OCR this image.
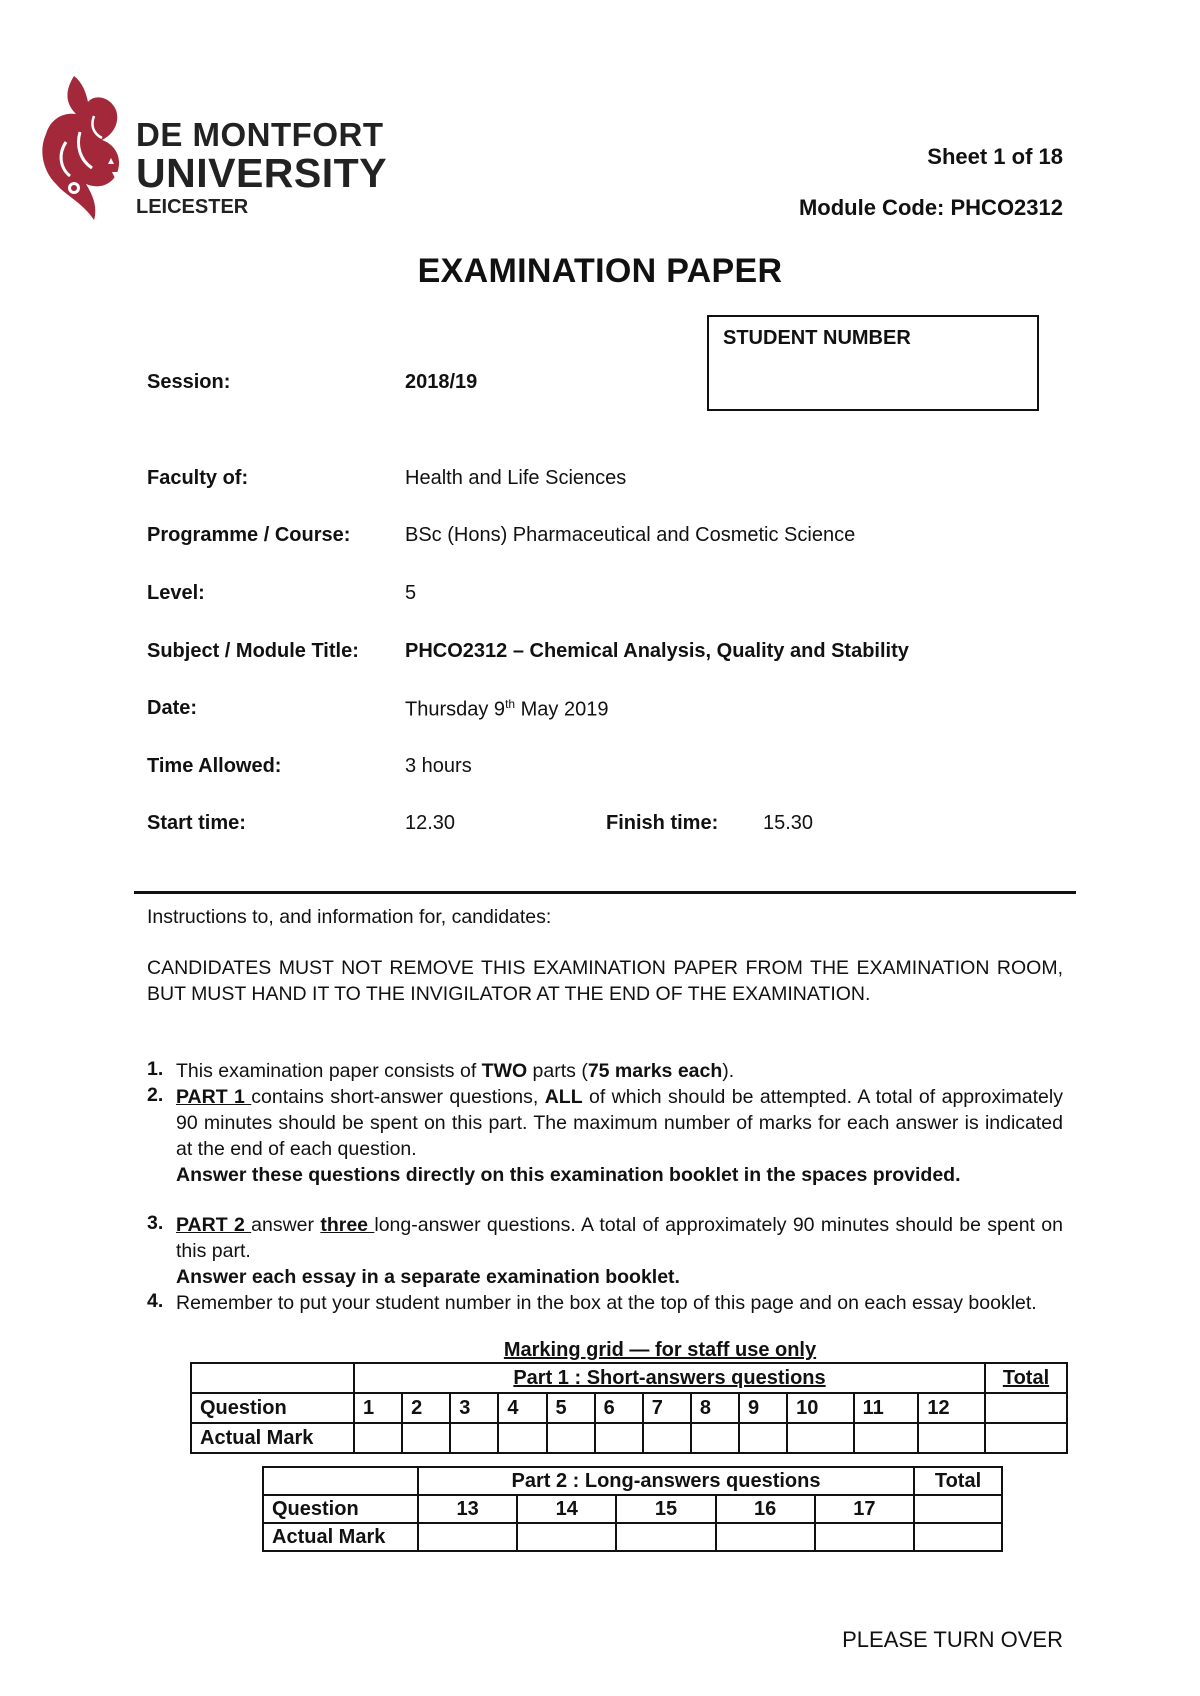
DE MONTFORT
UNIVERSITY
LEICESTER
Sheet 1 of 18
Module Code: PHCO2312
EXAMINATION PAPER
STUDENT NUMBER
Session:	2018/19
Faculty of:	Health and Life Sciences
Programme / Course:	BSc (Hons) Pharmaceutical and Cosmetic Science
Level:	5
Subject / Module Title: PHCO2312 – Chemical Analysis, Quality and Stability
Date:	Thursday 9th May 2019
Time Allowed:	3 hours
Start time:	12.30	Finish time: 15.30
Instructions to, and information for, candidates:
CANDIDATES MUST NOT REMOVE THIS EXAMINATION PAPER FROM THE EXAMINATION ROOM, BUT MUST HAND IT TO THE INVIGILATOR AT THE END OF THE EXAMINATION.
1. This examination paper consists of TWO parts (75 marks each).
2. PART 1 contains short-answer questions, ALL of which should be attempted. A total of approximately 90 minutes should be spent on this part. The maximum number of marks for each answer is indicated at the end of each question.
Answer these questions directly on this examination booklet in the spaces provided.
3. PART 2 answer three long-answer questions. A total of approximately 90 minutes should be spent on this part.
Answer each essay in a separate examination booklet.
4. Remember to put your student number in the box at the top of this page and on each essay booklet.
Marking grid — for staff use only
	Part 1 : Short-answers questions												Total
Question	1	2	3	4	5	6	7	8	9	10	11	12	
Actual Mark													
	Part 2 : Long-answers questions					Total
Question	13	14	15	16	17	
Actual Mark						
PLEASE TURN OVER
